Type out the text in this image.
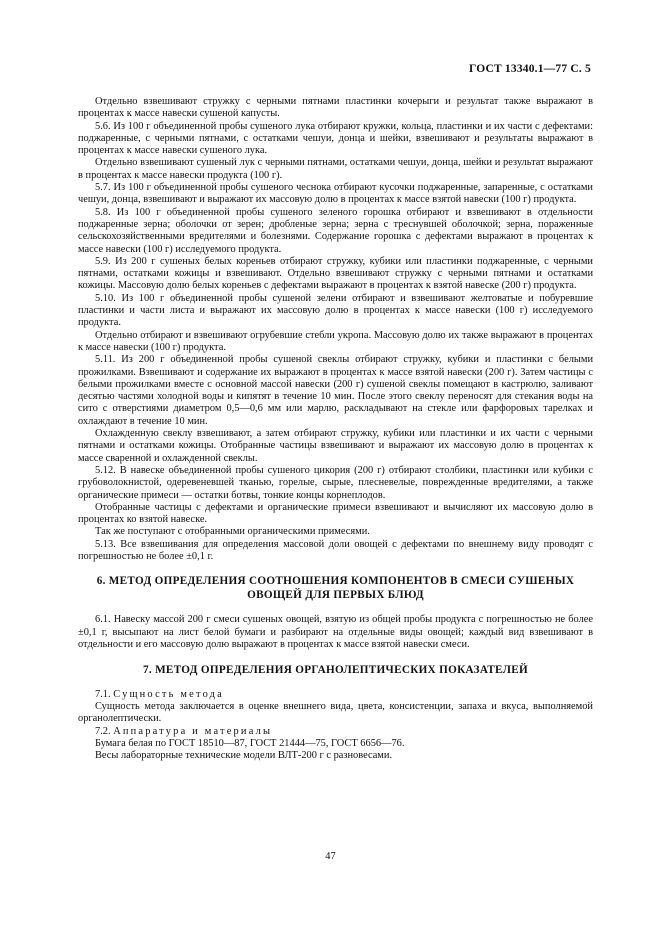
ГОСТ 13340.1—77 С. 5

Отдельно взвешивают стружку с черными пятнами пластинки кочерыги и результат также выражают в процентах к массе навески сушеной капусты.

5.6. Из 100 г объединенной пробы сушеного лука отбирают кружки, кольца, пластинки и их части с дефектами: поджаренные, с черными пятнами, с остатками чешуи, донца и шейки, взвешивают и результаты выражают в процентах к массе навески сушеного лука.

Отдельно взвешивают сушеный лук с черными пятнами, остатками чешуи, донца, шейки и результат выражают в процентах к массе навески продукта (100 г).

5.7. Из 100 г объединенной пробы сушеного чеснока отбирают кусочки поджаренные, запаренные, с остатками чешуи, донца, взвешивают и выражают их массовую долю в процентах к массе взятой навески (100 г) продукта.

5.8. Из 100 г объединенной пробы сушеного зеленого горошка отбирают и взвешивают в отдельности поджаренные зерна; оболочки от зерен; дробленые зерна; зерна с треснувшей оболочкой; зерна, пораженные сельскохозяйственными вредителями и болезнями. Содержание горошка с дефектами выражают в процентах к массе навески (100 г) исследуемого продукта.

5.9. Из 200 г сушеных белых кореньев отбирают стружку, кубики или пластинки поджаренные, с черными пятнами, остатками кожицы и взвешивают. Отдельно взвешивают стружку с черными пятнами и остатками кожицы. Массовую долю белых кореньев с дефектами выражают в процентах к взятой навеске (200 г) продукта.

5.10. Из 100 г объединенной пробы сушеной зелени отбирают и взвешивают желтоватые и побуревшие пластинки и части листа и выражают их массовую долю в процентах к массе навески (100 г) исследуемого продукта.

Отдельно отбирают и взвешивают огрубевшие стебли укропа. Массовую долю их также выражают в процентах к массе навески (100 г) продукта.

5.11. Из 200 г объединенной пробы сушеной свеклы отбирают стружку, кубики и пластинки с белыми прожилками. Взвешивают и содержание их выражают в процентах к массе взятой навески (200 г). Затем частицы с белыми прожилками вместе с основной массой навески (200 г) сушеной свеклы помещают в кастрюлю, заливают десятью частями холодной воды и кипятят в течение 10 мин. После этого свеклу переносят для стекания воды на сито с отверстиями диаметром 0,5—0,6 мм или марлю, раскладывают на стекле или фарфоровых тарелках и охлаждают в течение 10 мин.

Охлажденную свеклу взвешивают, а затем отбирают стружку, кубики или пластинки и их части с черными пятнами и остатками кожицы. Отобранные частицы взвешивают и выражают их массовую долю в процентах к массе сваренной и охлажденной свеклы.

5.12. В навеске объединенной пробы сушеного цикория (200 г) отбирают столбики, пластинки или кубики с грубоволокнистой, одеревеневшей тканью, горелые, сырые, плесневелые, поврежденные вредителями, а также органические примеси — остатки ботвы, тонкие концы корнеплодов.

Отобранные частицы с дефектами и органические примеси взвешивают и вычисляют их массовую долю в процентах ко взятой навеске.

Так же поступают с отобранными органическими примесями.

5.13. Все взвешивания для определения массовой доли овощей с дефектами по внешнему виду проводят с погрешностью не более ±0,1 г.

6. МЕТОД ОПРЕДЕЛЕНИЯ СООТНОШЕНИЯ КОМПОНЕНТОВ В СМЕСИ СУШЕНЫХ ОВОЩЕЙ ДЛЯ ПЕРВЫХ БЛЮД

6.1. Навеску массой 200 г смеси сушеных овощей, взятую из общей пробы продукта с погрешностью не более ±0,1 г, высыпают на лист белой бумаги и разбирают на отдельные виды овощей; каждый вид взвешивают в отдельности и его массовую долю выражают в процентах к массе взятой навески смеси.

7. МЕТОД ОПРЕДЕЛЕНИЯ ОРГАНОЛЕПТИЧЕСКИХ ПОКАЗАТЕЛЕЙ

7.1. Сущность метода

Сущность метода заключается в оценке внешнего вида, цвета, консистенции, запаха и вкуса, выполняемой органолептически.

7.2. Аппаратура и материалы

Бумага белая по ГОСТ 18510—87, ГОСТ 21444—75, ГОСТ 6656—76.

Весы лабораторные технические модели ВЛТ-200 г с разновесами.

47
